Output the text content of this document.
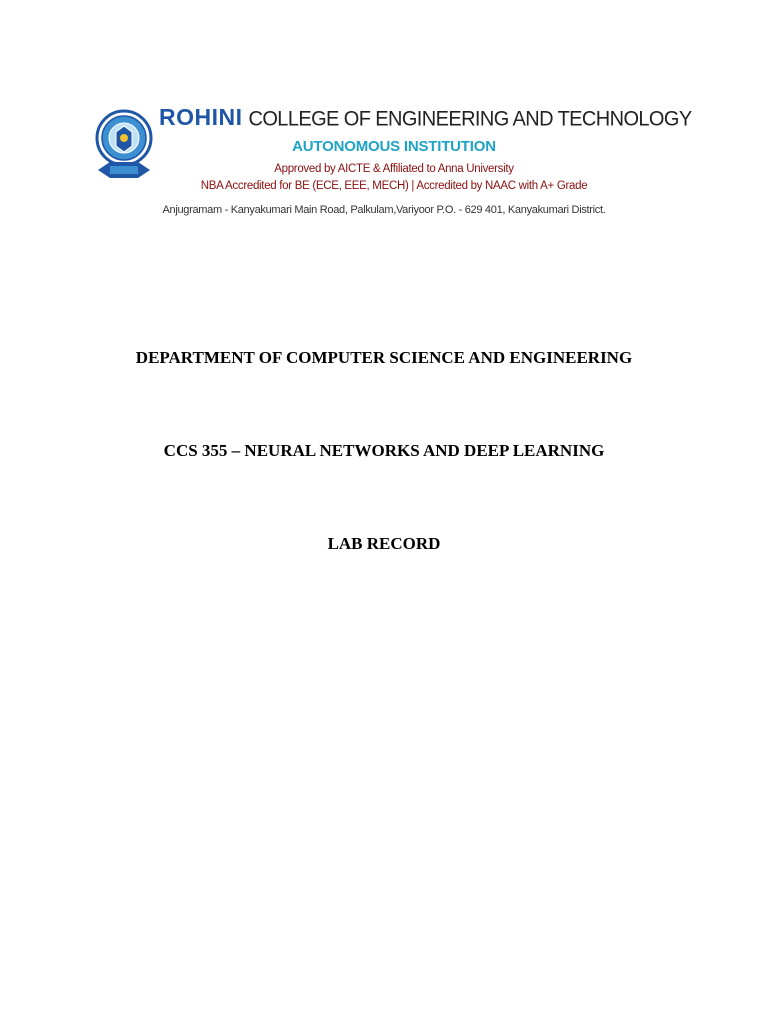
ROHINI COLLEGE OF ENGINEERING AND TECHNOLOGY
AUTONOMOUS INSTITUTION
Approved by AICTE & Affiliated to Anna University
NBA Accredited for BE (ECE, EEE, MECH) | Accredited by NAAC with A+ Grade
Anjugramam - Kanyakumari Main Road, Palkulam,Variyoor P.O. - 629 401, Kanyakumari District.
DEPARTMENT OF COMPUTER SCIENCE AND ENGINEERING
CCS 355 – NEURAL NETWORKS AND DEEP LEARNING
LAB RECORD
